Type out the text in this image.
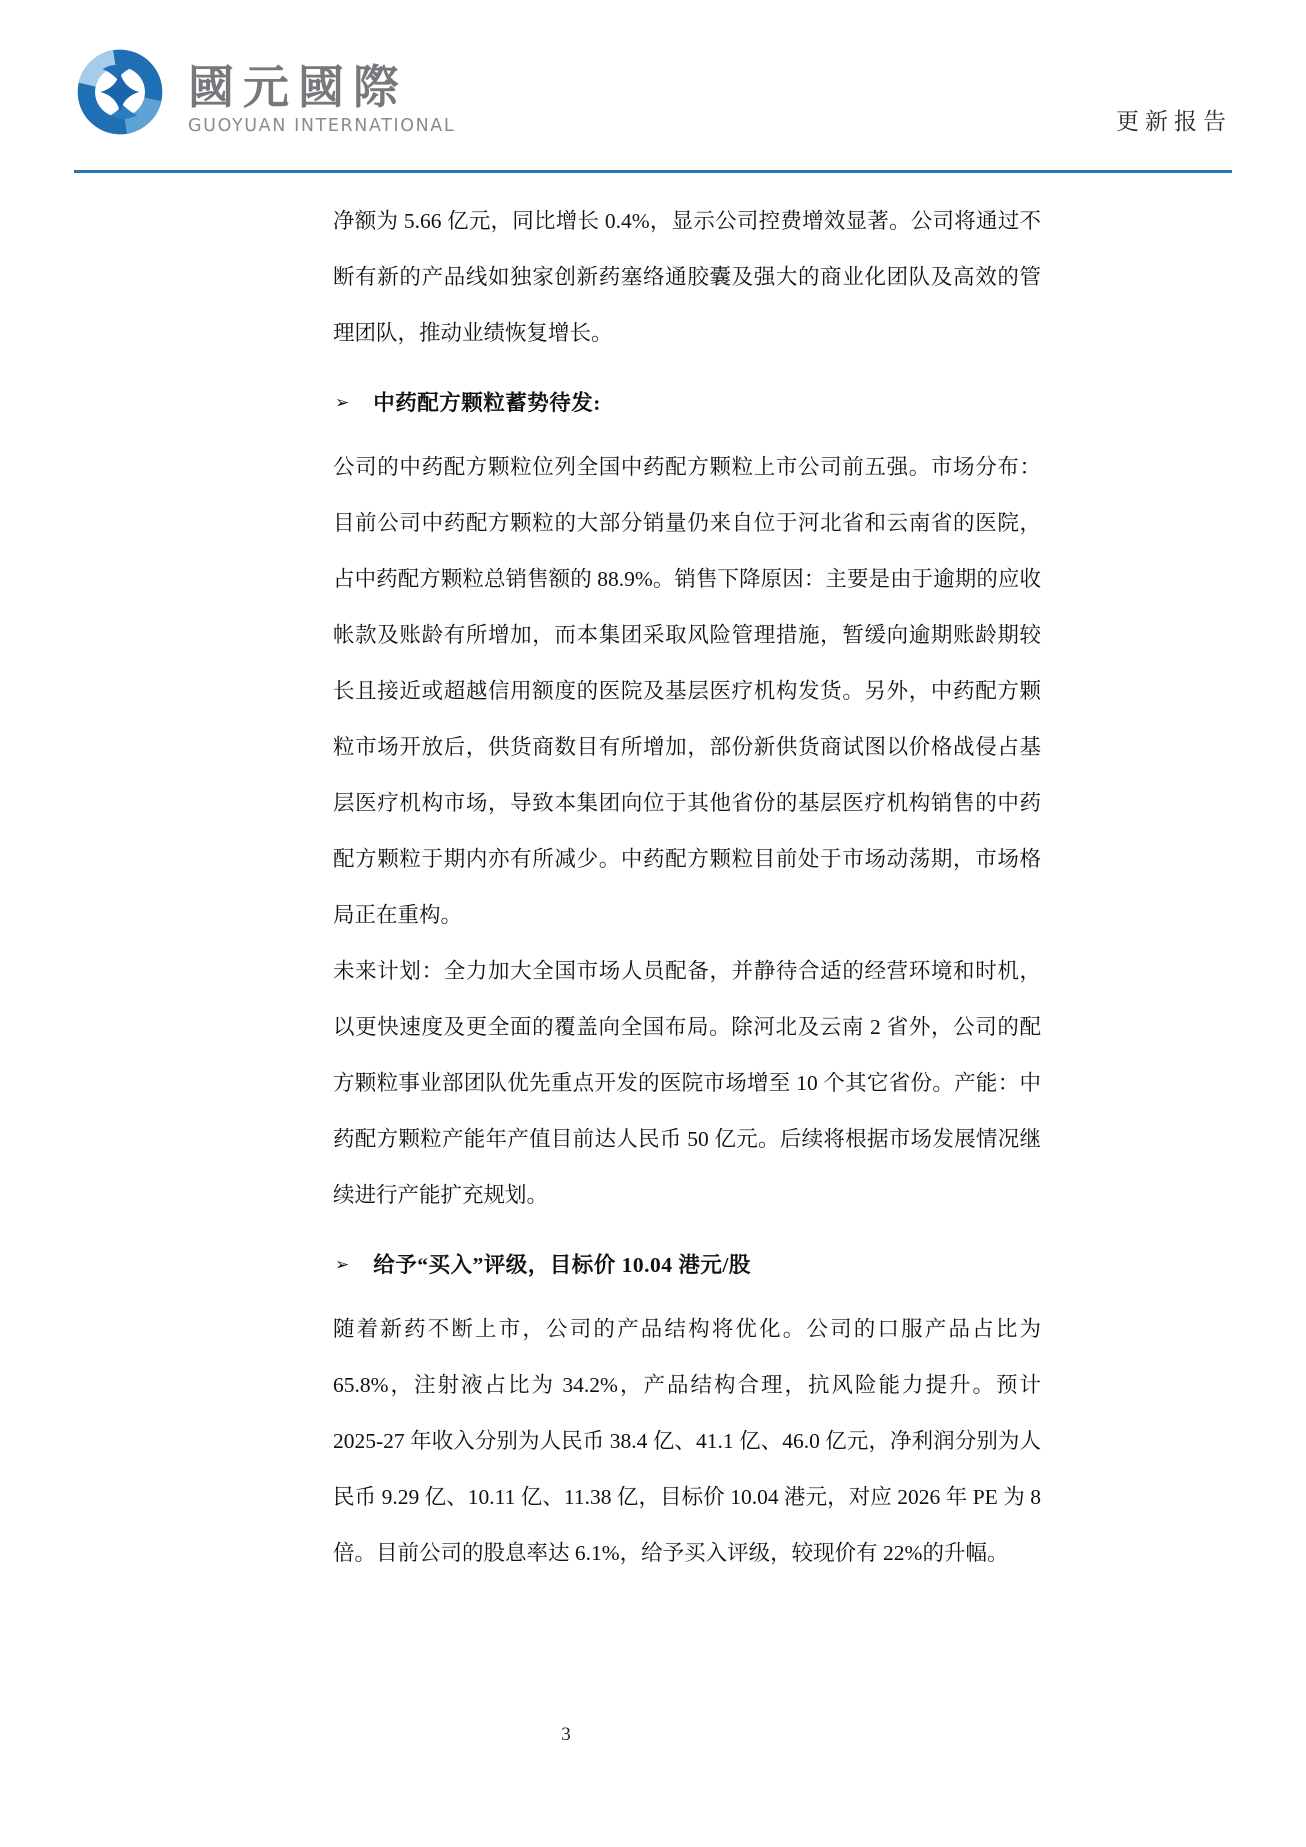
國元國際
GUOYUAN INTERNATIONAL	更新报告

净额为 5.66 亿元，同比增长 0.4%，显示公司控费增效显著。公司将通过不断有新的产品线如独家创新药塞络通胶囊及强大的商业化团队及高效的管理团队，推动业绩恢复增长。

➢ 中药配方颗粒蓄势待发:

公司的中药配方颗粒位列全国中药配方颗粒上市公司前五强。市场分布：目前公司中药配方颗粒的大部分销量仍来自位于河北省和云南省的医院，占中药配方颗粒总销售额的 88.9%。销售下降原因：主要是由于逾期的应收帐款及账龄有所增加，而本集团采取风险管理措施，暂缓向逾期账龄期较长且接近或超越信用额度的医院及基层医疗机构发货。另外，中药配方颗粒市场开放后，供货商数目有所增加，部份新供货商试图以价格战侵占基层医疗机构市场，导致本集团向位于其他省份的基层医疗机构销售的中药配方颗粒于期内亦有所减少。中药配方颗粒目前处于市场动荡期，市场格局正在重构。

未来计划：全力加大全国市场人员配备，并静待合适的经营环境和时机，以更快速度及更全面的覆盖向全国布局。除河北及云南 2 省外，公司的配方颗粒事业部团队优先重点开发的医院市场增至 10 个其它省份。产能：中药配方颗粒产能年产值目前达人民币 50 亿元。后续将根据市场发展情况继续进行产能扩充规划。

➢ 给予“买入”评级，目标价 10.04 港元/股

随着新药不断上市，公司的产品结构将优化。公司的口服产品占比为 65.8%，注射液占比为 34.2%，产品结构合理，抗风险能力提升。预计 2025-27 年收入分别为人民币 38.4 亿、41.1 亿、46.0 亿元，净利润分别为人民币 9.29 亿、10.11 亿、11.38 亿，目标价 10.04 港元，对应 2026 年 PE 为 8 倍。目前公司的股息率达 6.1%，给予买入评级，较现价有 22%的升幅。

3
